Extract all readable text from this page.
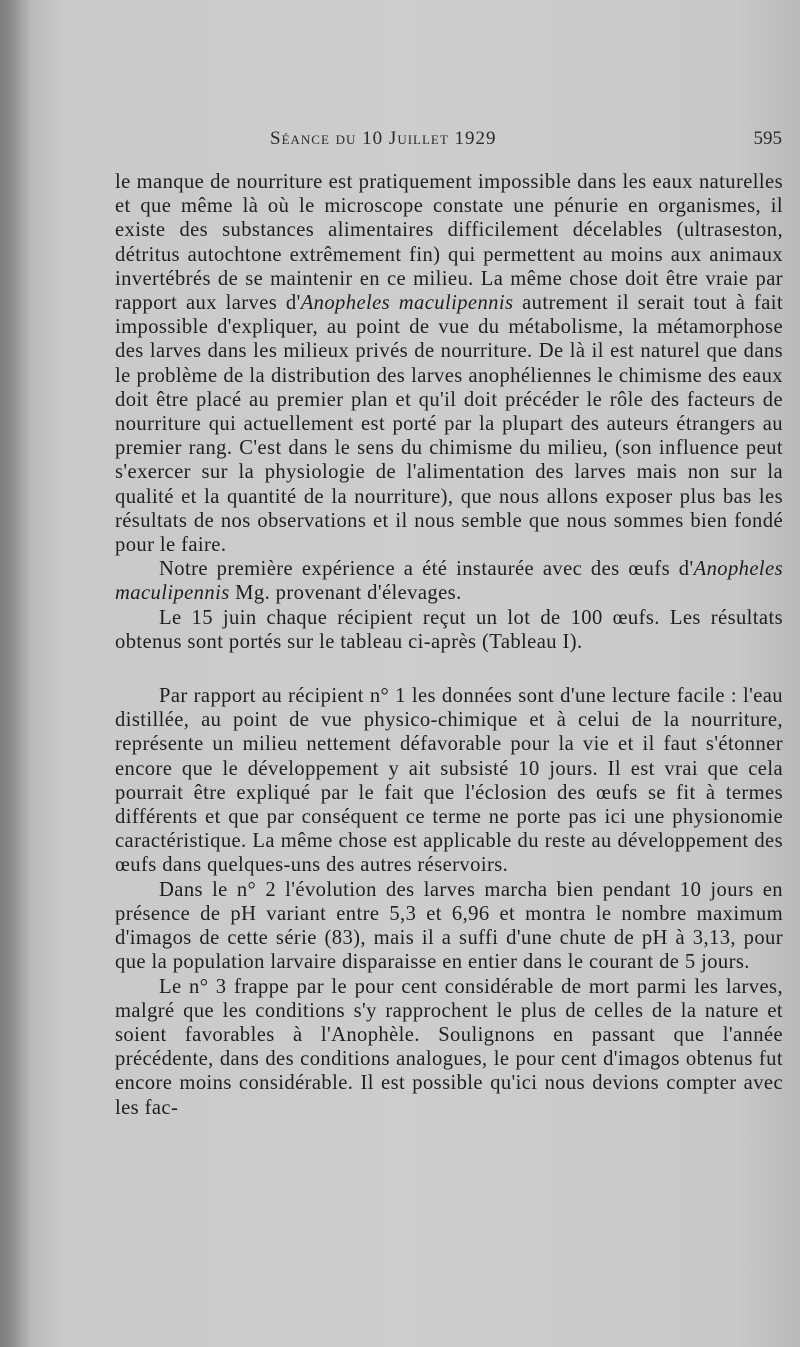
Séance du 10 Juillet 1929	595

le manque de nourriture est pratiquement impossible dans les eaux naturelles et que même là où le microscope constate une pénurie en organismes, il existe des substances alimentaires difficilement décelables (ultraseston, détritus autochtone extrêmement fin) qui permettent au moins aux animaux invertébrés de se maintenir en ce milieu. La même chose doit être vraie par rapport aux larves d'Anopheles maculipennis autrement il serait tout à fait impossible d'expliquer, au point de vue du métabolisme, la métamorphose des larves dans les milieux privés de nourriture. De là il est naturel que dans le problème de la distribution des larves anophéliennes le chimisme des eaux doit être placé au premier plan et qu'il doit précéder le rôle des facteurs de nourriture qui actuellement est porté par la plupart des auteurs étrangers au premier rang. C'est dans le sens du chimisme du milieu, (son influence peut s'exercer sur la physiologie de l'alimentation des larves mais non sur la qualité et la quantité de la nourriture), que nous allons exposer plus bas les résultats de nos observations et il nous semble que nous sommes bien fondé pour le faire.

Notre première expérience a été instaurée avec des œufs d'Anopheles maculipennis Mg. provenant d'élevages.

Le 15 juin chaque récipient reçut un lot de 100 œufs. Les résultats obtenus sont portés sur le tableau ci-après (Tableau I).

Par rapport au récipient n° 1 les données sont d'une lecture facile : l'eau distillée, au point de vue physico-chimique et à celui de la nourriture, représente un milieu nettement défavorable pour la vie et il faut s'étonner encore que le développement y ait subsisté 10 jours. Il est vrai que cela pourrait être expliqué par le fait que l'éclosion des œufs se fit à termes différents et que par conséquent ce terme ne porte pas ici une physionomie caractéristique. La même chose est applicable du reste au développement des œufs dans quelques-uns des autres réservoirs.

Dans le n° 2 l'évolution des larves marcha bien pendant 10 jours en présence de pH variant entre 5,3 et 6,96 et montra le nombre maximum d'imagos de cette série (83), mais il a suffi d'une chute de pH à 3,13, pour que la population larvaire disparaisse en entier dans le courant de 5 jours.

Le n° 3 frappe par le pour cent considérable de mort parmi les larves, malgré que les conditions s'y rapprochent le plus de celles de la nature et soient favorables à l'Anophèle. Soulignons en passant que l'année précédente, dans des conditions analogues, le pour cent d'imagos obtenus fut encore moins considérable. Il est possible qu'ici nous devions compter avec les fac-
